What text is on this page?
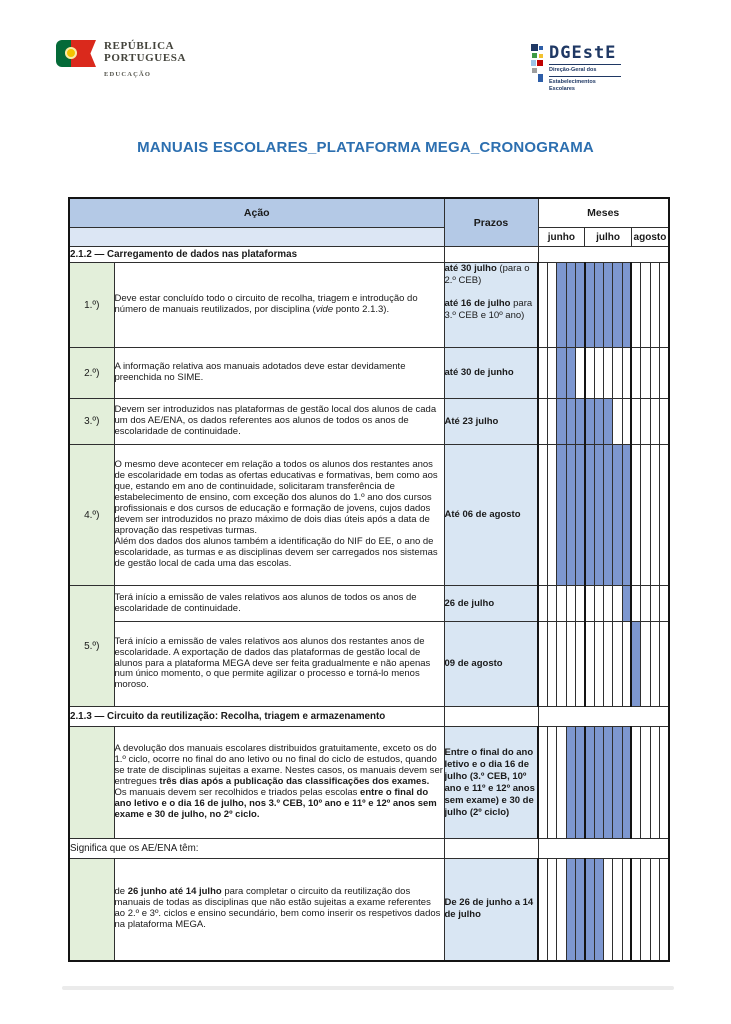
REPÚBLICA
PORTUGUESA
EDUCAÇÃO
DGEstE
Direção-Geral dos
Estabelecimentos Escolares
MANUAIS ESCOLARES_PLATAFORMA MEGA_CRONOGRAMA
Ação		Prazos	Meses													
			junho					julho					agosto			
2.1.2 — Carregamento de dados nas plataformas																
1.º)	Deve estar concluído todo o circuito de recolha, triagem e introdução do número de manuais reutilizados, por disciplina (vide ponto 2.1.3).	até 30 julho (para o 2.º CEB)
até 16 de julho para 3.º CEB e 10º ano)														

2.º)	A informação relativa aos manuais adotados deve estar devidamente preenchida no SIME.	até 30 de junho														

3.º)	Devem ser introduzidos nas plataformas de gestão local dos alunos de cada um dos AE/ENA, os dados referentes aos alunos de todos os anos de escolaridade de continuidade.	Até 23 julho														

4.º)	O mesmo deve acontecer em relação a todos os alunos dos restantes anos de escolaridade em todas as ofertas educativas e formativas, bem como aos que, estando em ano de continuidade, solicitaram transferência de estabelecimento de ensino, com exceção dos alunos do 1.º ano dos cursos profissionais e dos cursos de educação e formação de jovens, cujos dados devem ser introduzidos no prazo máximo de dois dias úteis após a data de aprovação das respetivas turmas.
Além dos dados dos alunos também a identificação do NIF do EE, o ano de escolaridade, as turmas e as disciplinas devem ser carregados nos sistemas de gestão local de cada uma das escolas.	Até 06 de agosto														

5.º)	Terá início a emissão de vales relativos aos alunos de todos os anos de escolaridade de continuidade.	26 de julho														

	Terá início a emissão de vales relativos aos alunos dos restantes anos de escolaridade. A exportação de dados das plataformas de gestão local de alunos para a plataforma MEGA deve ser feita gradualmente e não apenas num único momento, o que permite agilizar o processo e torná-lo menos moroso.	09 de agosto														

2.1.3 — Circuito da reutilização: Recolha, triagem e armazenamento																

	A devolução dos manuais escolares distribuidos gratuitamente, exceto os do 1.º ciclo, ocorre no final do ano letivo ou no final do ciclo de estudos, quando se trate de disciplinas sujeitas a exame. Nestes casos, os manuais devem ser entregues três dias após a publicação das classificações dos exames.
Os manuais devem ser recolhidos e triados pelas escolas entre o final do ano letivo e o dia 16 de julho, nos 3.º CEB, 10º ano e 11º e 12º anos sem exame e 30 de julho, no 2º ciclo.	Entre o final do ano letivo e o dia 16 de julho (3.º CEB, 10º ano e 11º e 12º anos sem exame) e 30 de julho (2º ciclo)														

Significa que os AE/ENA têm:																

	de 26 junho até 14 julho para completar o circuito da reutilização dos manuais de todas as disciplinas que não estão sujeitas a exame referentes ao 2.º e 3º. ciclos e ensino secundário, bem como inserir os respetivos dados na plataforma MEGA.	De 26 de junho a 14 de julho														
